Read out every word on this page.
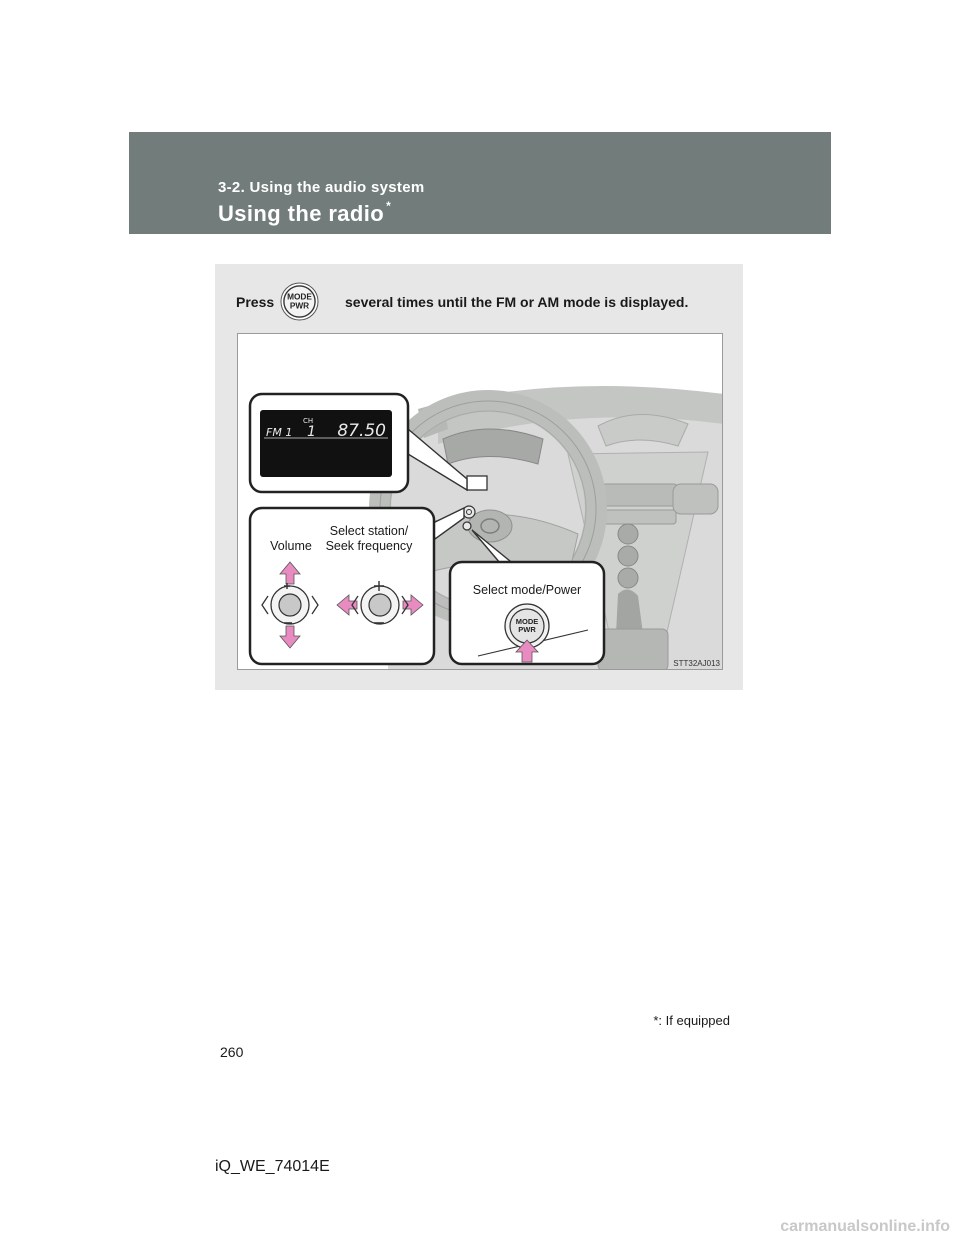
3-2. Using the audio system
Using the radio *
Press MODE
PWR	several times until the FM or AM mode is displayed.
FM 1
CH
1 87.50
Volume
Select station/
Seek frequency
Select mode/Power
MODE
PWR
STT32AJ013
*: If equipped
260
iQ_WE_74014E
carmanualsonline.info
